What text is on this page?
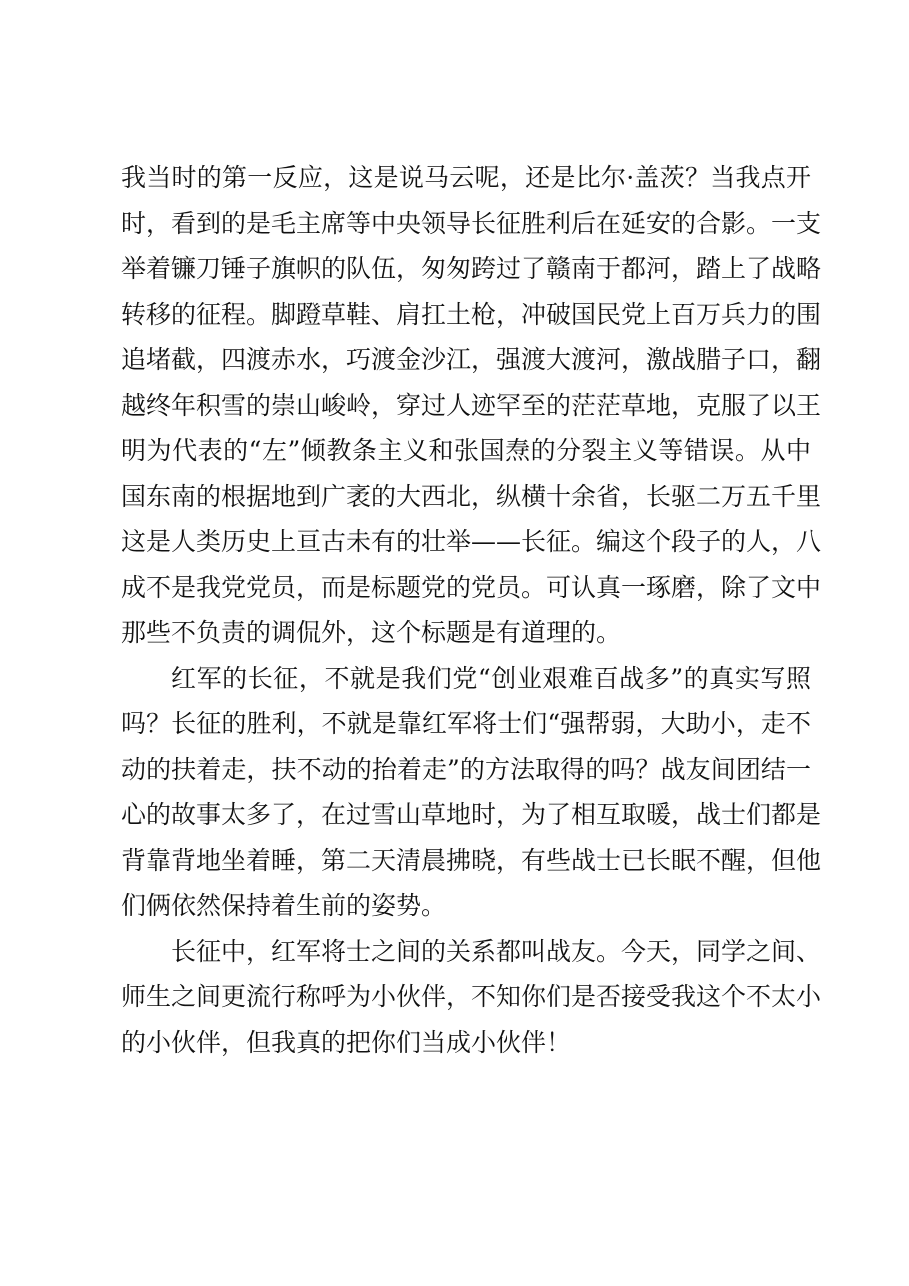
我当时的第一反应，这是说马云呢，还是比尔·盖茨？当我点开
时，看到的是毛主席等中央领导长征胜利后在延安的合影。一支
举着镰刀锤子旗帜的队伍，匆匆跨过了赣南于都河，踏上了战略
转移的征程。脚蹬草鞋、肩扛土枪，冲破国民党上百万兵力的围
追堵截，四渡赤水，巧渡金沙江，强渡大渡河，激战腊子口，翻
越终年积雪的崇山峻岭，穿过人迹罕至的茫茫草地，克服了以王
明为代表的“左”倾教条主义和张国焘的分裂主义等错误。从中
国东南的根据地到广袤的大西北，纵横十余省，长驱二万五千里
这是人类历史上亘古未有的壮举——长征。编这个段子的人，八
成不是我党党员，而是标题党的党员。可认真一琢磨，除了文中
那些不负责的调侃外，这个标题是有道理的。
红军的长征，不就是我们党“创业艰难百战多”的真实写照
吗？长征的胜利，不就是靠红军将士们“强帮弱，大助小，走不
动的扶着走，扶不动的抬着走”的方法取得的吗？战友间团结一
心的故事太多了，在过雪山草地时，为了相互取暖，战士们都是
背靠背地坐着睡，第二天清晨拂晓，有些战士已长眠不醒，但他
们俩依然保持着生前的姿势。
长征中，红军将士之间的关系都叫战友。今天，同学之间、
师生之间更流行称呼为小伙伴，不知你们是否接受我这个不太小
的小伙伴，但我真的把你们当成小伙伴！
